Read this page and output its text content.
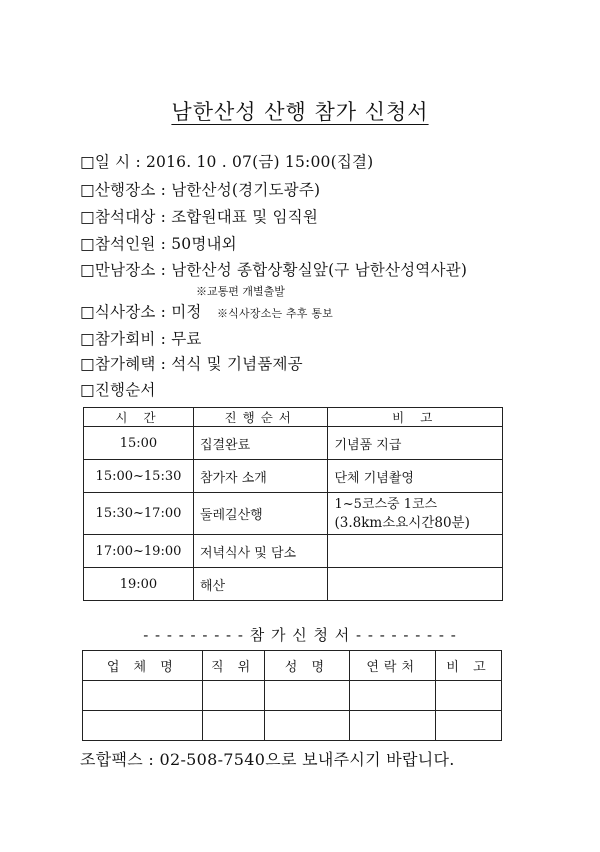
남한산성 산행 참가 신청서
□일 시 : 2016. 10 . 07(금) 15:00(집결)
□산행장소 : 남한산성(경기도광주)
□참석대상 : 조합원대표 및 임직원
□참석인원 : 50명내외
□만남장소 : 남한산성 종합상황실앞(구 남한산성역사관)
※교통편 개별출발
□식사장소 : 미정 ※식사장소는 추후 통보
□참가회비 : 무료
□참가혜택 : 석식 및 기념품제공
□진행순서
시 간	진행순서	비 고
15:00	집결완료	기념품 지급
15:00~15:30	참가자 소개	단체 기념촬영
15:30~17:00	둘레길산행	1~5코스중 1코스
(3.8km소요시간80분)

17:00~19:00	저녁식사 및 담소	
19:00	해산	
- - - - - - - - - 참 가 신 청 서 - - - - - - - - -
업 체 명	직 위	성 명	연락처	비 고

조합팩스 : 02-508-7540으로 보내주시기 바랍니다.
